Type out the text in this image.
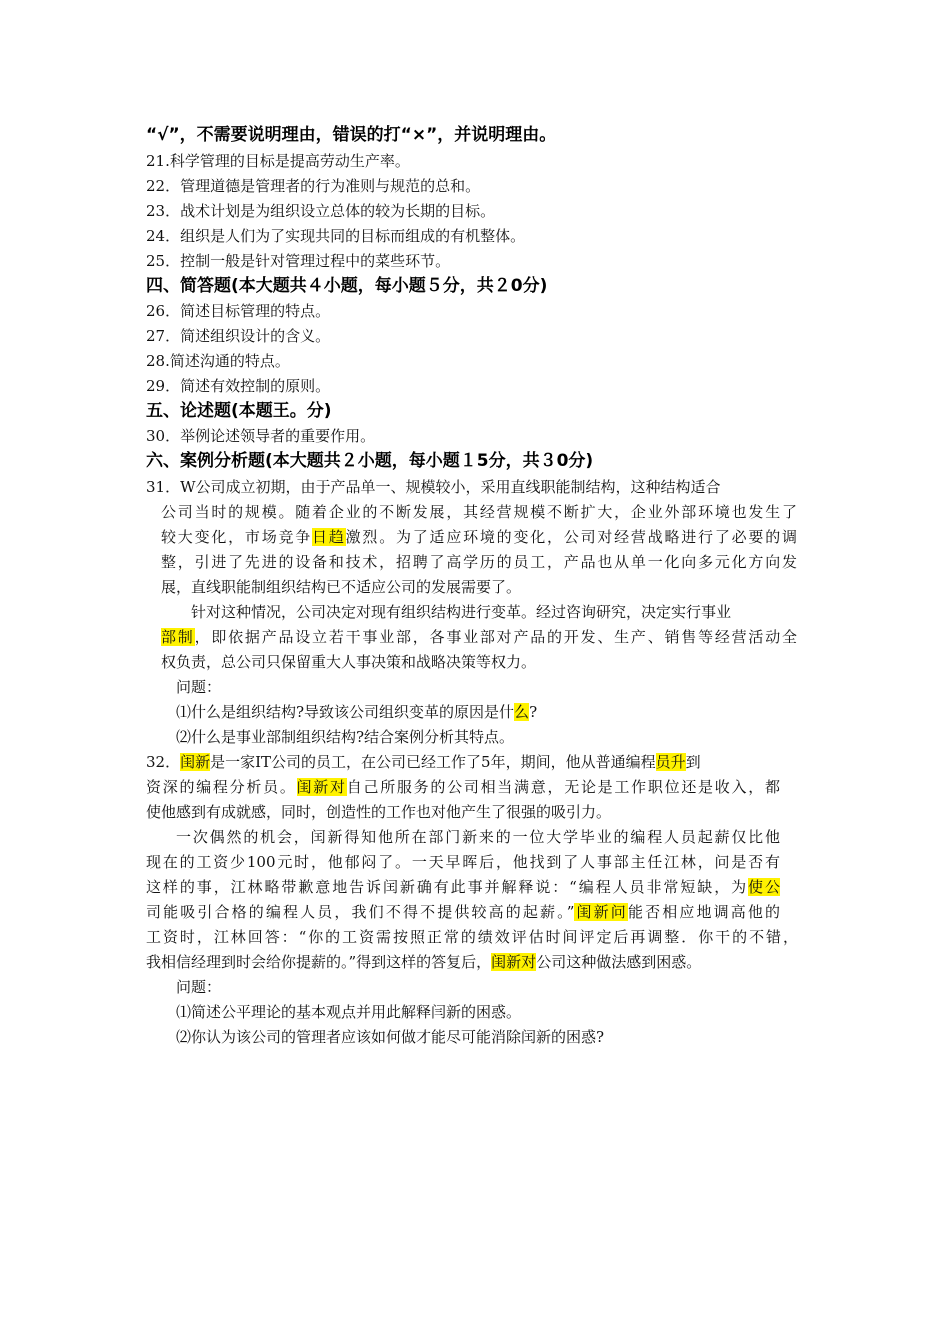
“√”，不需要说明理由，错误的打“×”，并说明理由。
21.科学管理的目标是提高劳动生产率。
22．管理道德是管理者的行为准则与规范的总和。
23．战术计划是为组织设立总体的较为长期的目标。
24．组织是人们为了实现共同的目标而组成的有机整体。
25．控制一般是针对管理过程中的菜些环节。
四、简答题(本大题共４小题，每小题５分，共２0分)
26．简述目标管理的特点。
27．简述组织设计的含义。
28.简述沟通的特点。
29．简述有效控制的原则。
五、论述题(本题王。分)
30．举例论述领导者的重要作用。
六、案例分析题(本大题共２小题，每小题１5分，共３0分)
31．W公司成立初期，由于产品单一、规模较小，采用直线职能制结构，这种结构适合
公司当时的规模。随着企业的不断发展，其经营规模不断扩大，企业外部环境也发生了
较大变化，市场竞争日趋激烈。为了适应环境的变化，公司对经营战略进行了必要的调
整，引进了先进的设备和技术，招聘了高学历的员工，产品也从单一化向多元化方向发
展，直线职能制组织结构已不适应公司的发展需要了。
针对这种情况，公司决定对现有组织结构进行变革。经过咨询研究，决定实行事业
部制，即依据产品设立若干事业部，各事业部对产品的开发、生产、销售等经营活动全
权负责，总公司只保留重大人事决策和战略决策等权力。
问题：
⑴什么是组织结构?导致该公司组织变革的原因是什么?
⑵什么是事业部制组织结构?结合案例分析其特点。
32．闺新是一家IT公司的员工，在公司已经工作了5年，期间，他从普通编程员升到
资深的编程分析员。闺新对自己所服务的公司相当满意，无论是工作职位还是收入，都
使他感到有成就感，同时，创造性的工作也对他产生了很强的吸引力。
一次偶然的机会，闰新得知他所在部门新来的一位大学毕业的编程人员起薪仅比他
现在的工资少100元时，他郁闷了。一天早晖后，他找到了人事部主任江林，问是否有
这样的事，江林略带歉意地告诉闰新确有此事并解释说：“编程人员非常短缺，为使公
司能吸引合格的编程人员，我们不得不提供较高的起薪。”闺新问能否相应地调高他的
工资时，江林回答：“你的工资需按照正常的绩效评估时间评定后再调整．你干的不错，
我相信经理到时会给你提薪的。”得到这样的答复后，闺新对公司这种做法感到困惑。
问题：
⑴简述公平理论的基本观点并用此解释闫新的困惑。
⑵你认为该公司的管理者应该如何做才能尽可能消除闰新的困惑?
